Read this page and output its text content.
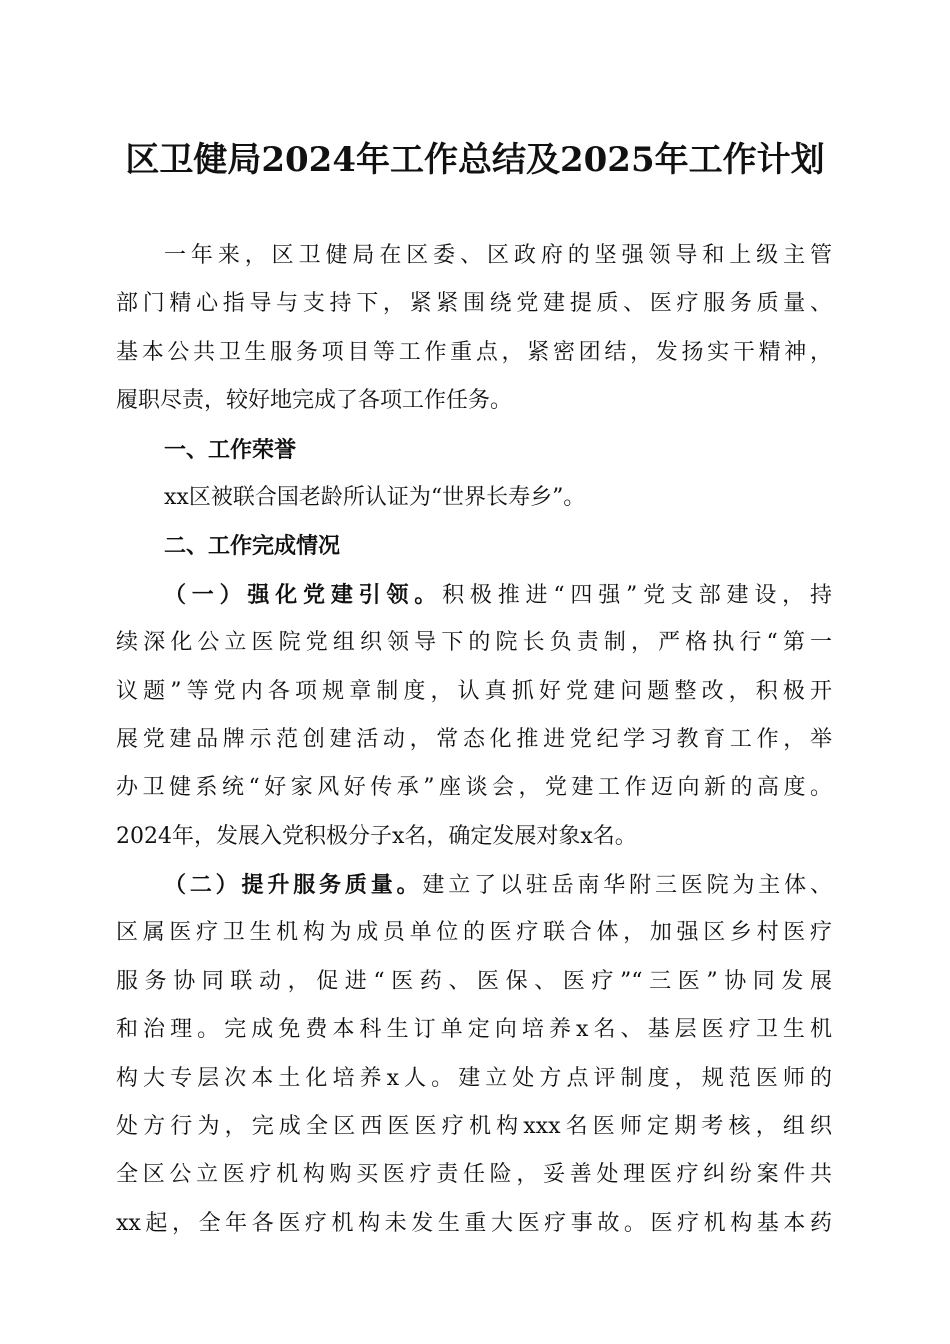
区卫健局2024年工作总结及2025年工作计划
一年来，区卫健局在区委、区政府的坚强领导和上级主管
部门精心指导与支持下，紧紧围绕党建提质、医疗服务质量、
基本公共卫生服务项目等工作重点，紧密团结，发扬实干精神，
履职尽责，较好地完成了各项工作任务。
一、工作荣誉
xx区被联合国老龄所认证为“世界长寿乡”。
二、工作完成情况
（一）强化党建引领。积极推进“四强”党支部建设，持
续深化公立医院党组织领导下的院长负责制，严格执行“第一
议题”等党内各项规章制度，认真抓好党建问题整改，积极开
展党建品牌示范创建活动，常态化推进党纪学习教育工作，举
办卫健系统“好家风好传承”座谈会，党建工作迈向新的高度。
2024年，发展入党积极分子x名，确定发展对象x名。
（二）提升服务质量。建立了以驻岳南华附三医院为主体、
区属医疗卫生机构为成员单位的医疗联合体，加强区乡村医疗
服务协同联动，促进“医药、医保、医疗”“三医”协同发展
和治理。完成免费本科生订单定向培养x名、基层医疗卫生机
构大专层次本土化培养x人。建立处方点评制度，规范医师的
处方行为，完成全区西医医疗机构xxx名医师定期考核，组织
全区公立医疗机构购买医疗责任险，妥善处理医疗纠纷案件共
xx起，全年各医疗机构未发生重大医疗事故。医疗机构基本药
